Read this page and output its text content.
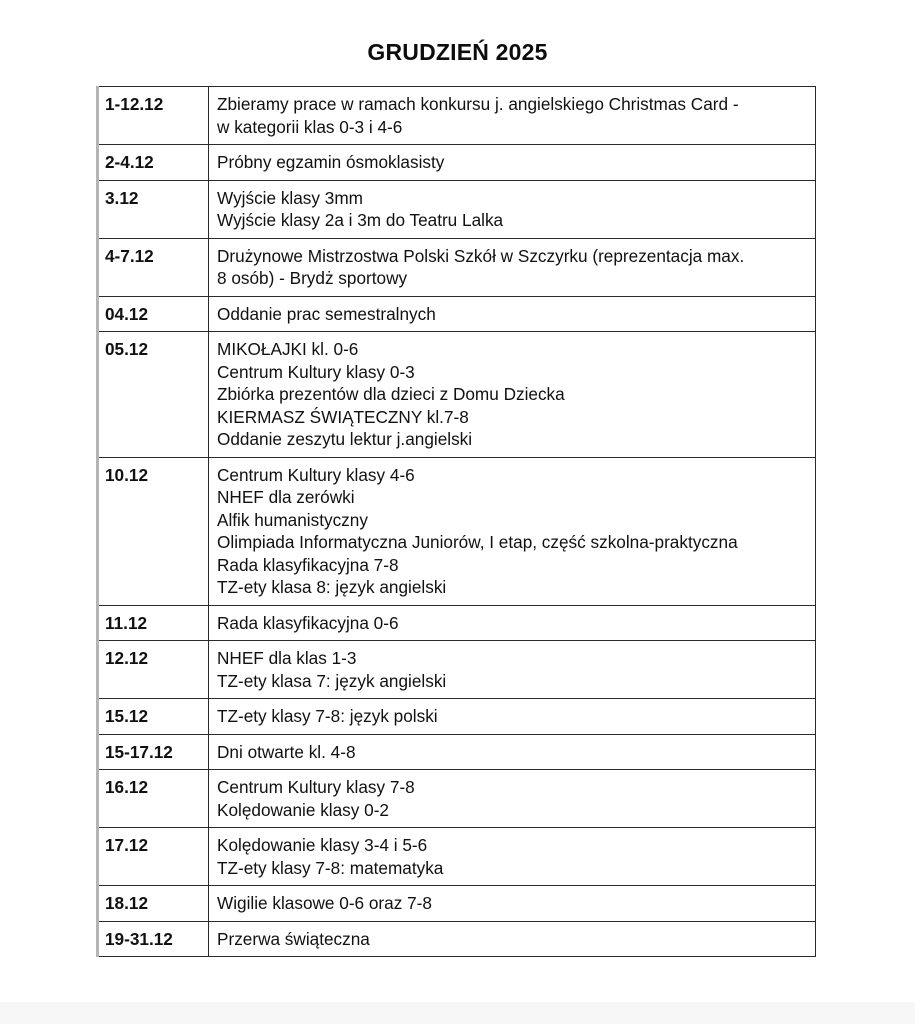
GRUDZIEŃ 2025
1-12.12	Zbieramy prace w ramach konkursu j. angielskiego Christmas Card -
w kategorii klas 0-3 i 4-6

2-4.12	Próbny egzamin ósmoklasisty

3.12	Wyjście klasy 3mm
Wyjście klasy 2a i 3m do Teatru Lalka

4-7.12	Drużynowe Mistrzostwa Polski Szkół w Szczyrku (reprezentacja max.
8 osób) - Brydż sportowy

04.12	Oddanie prac semestralnych

05.12	MIKOŁAJKI kl. 0-6
Centrum Kultury klasy 0-3
Zbiórka prezentów dla dzieci z Domu Dziecka
KIERMASZ ŚWIĄTECZNY kl.7-8
Oddanie zeszytu lektur j.angielski

10.12	Centrum Kultury klasy 4-6
NHEF dla zerówki
Alfik humanistyczny
Olimpiada Informatyczna Juniorów, I etap, część szkolna-praktyczna
Rada klasyfikacyjna 7-8
TZ-ety klasa 8: język angielski

11.12	Rada klasyfikacyjna 0-6

12.12	NHEF dla klas 1-3
TZ-ety klasa 7: język angielski

15.12	TZ-ety klasy 7-8: język polski

15-17.12	Dni otwarte kl. 4-8

16.12	Centrum Kultury klasy 7-8
Kolędowanie klasy 0-2

17.12	Kolędowanie klasy 3-4 i 5-6
TZ-ety klasy 7-8: matematyka

18.12	Wigilie klasowe 0-6 oraz 7-8

19-31.12	Przerwa świąteczna
